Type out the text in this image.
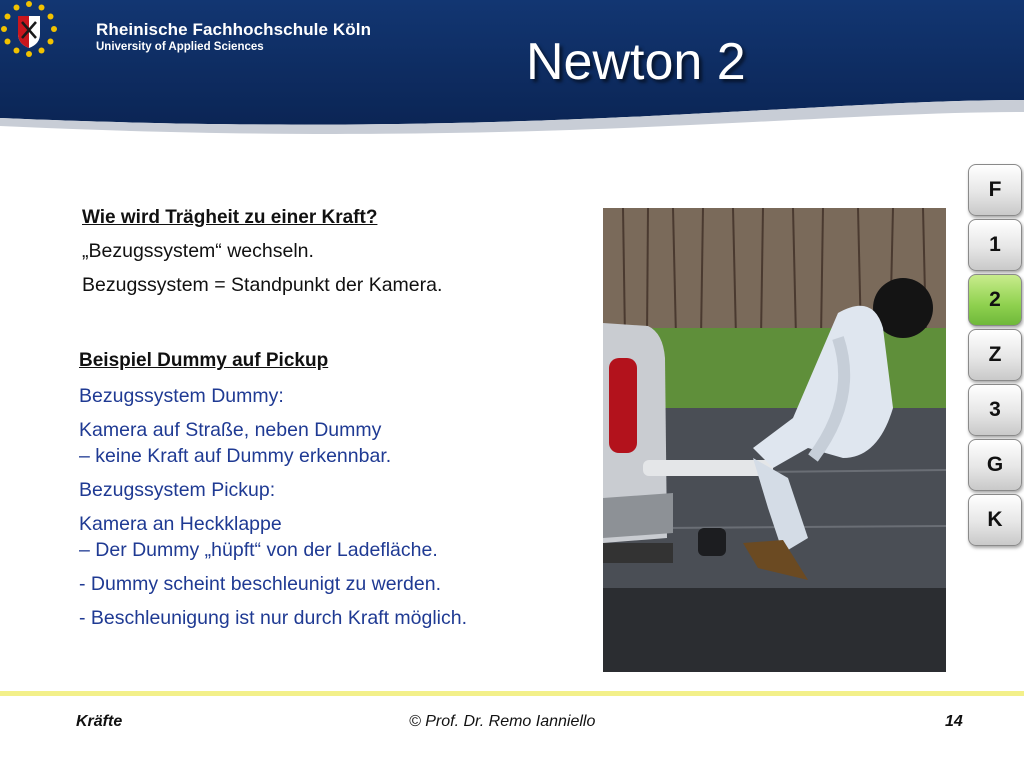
Rheinische Fachhochschule Köln
University of Applied Sciences	Newton 2
Wie wird Trägheit zu einer Kraft?
„Bezugssystem“ wechseln.
Bezugssystem = Standpunkt der Kamera.
Beispiel Dummy auf Pickup
Bezugssystem Dummy:
Kamera auf Straße, neben Dummy
– keine Kraft auf Dummy erkennbar.
Bezugssystem Pickup:
Kamera an Heckklappe
– Der Dummy „hüpft“ von der Ladefläche.
- Dummy scheint beschleunigt zu werden.
- Beschleunigung ist nur durch Kraft möglich.
F
1
2
Z
3
G
K
Kräfte	© Prof. Dr. Remo Ianniello	14
